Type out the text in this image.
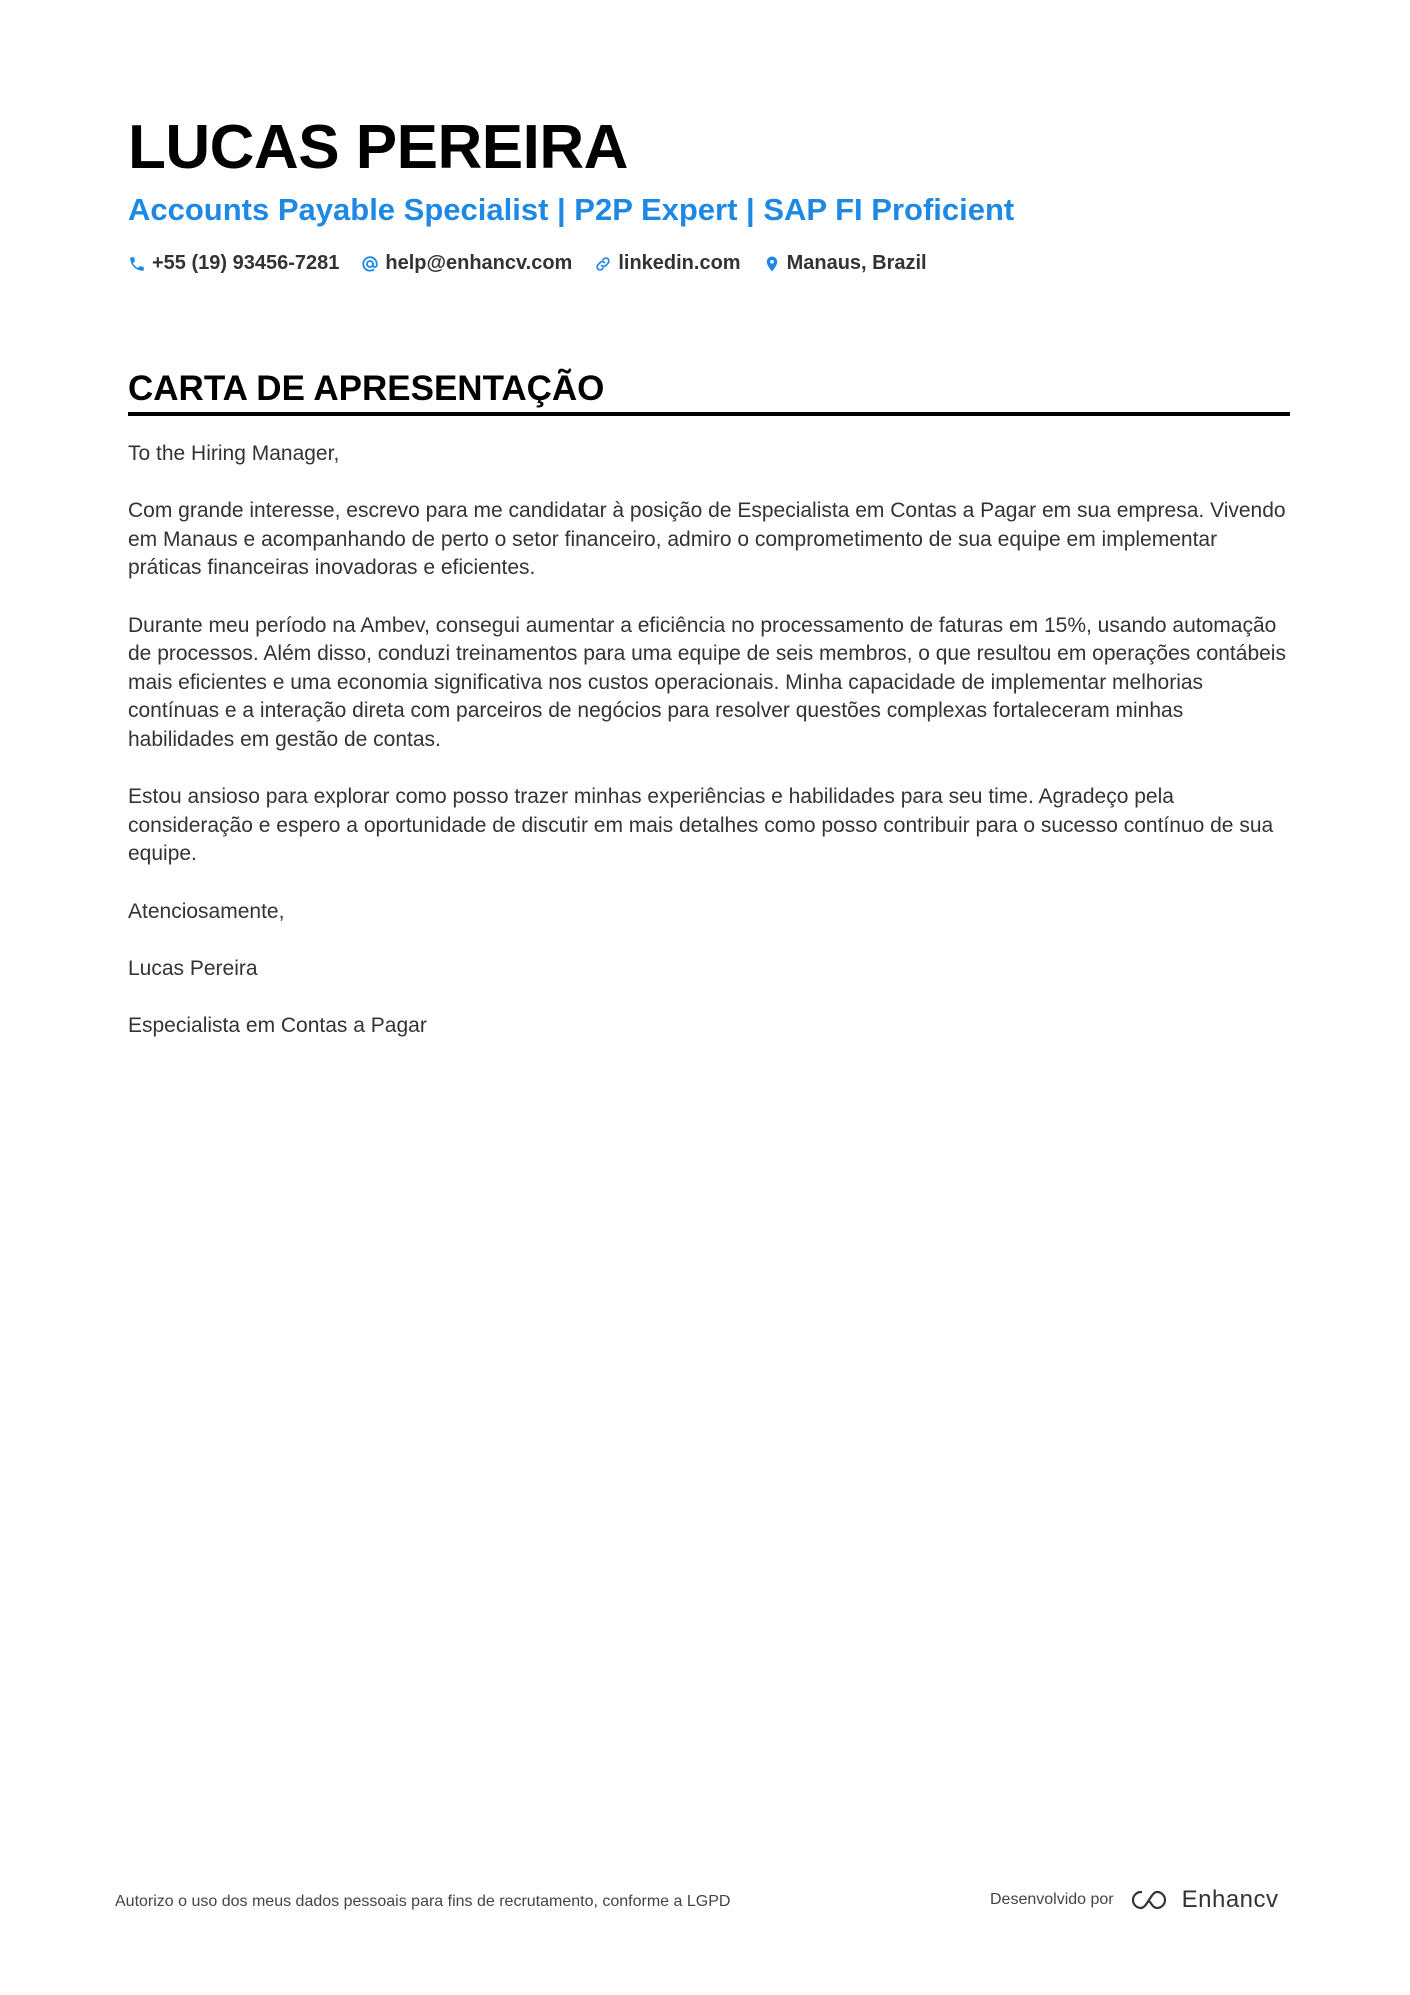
LUCAS PEREIRA
Accounts Payable Specialist | P2P Expert | SAP FI Proficient
+55 (19) 93456-7281 help@enhancv.com linkedin.com Manaus, Brazil
CARTA DE APRESENTAÇÃO

To the Hiring Manager,

Com grande interesse, escrevo para me candidatar à posição de Especialista em Contas a Pagar em sua empresa. Vivendo em Manaus e acompanhando de perto o setor financeiro, admiro o comprometimento de sua equipe em implementar práticas financeiras inovadoras e eficientes.

Durante meu período na Ambev, consegui aumentar a eficiência no processamento de faturas em 15%, usando automação de processos. Além disso, conduzi treinamentos para uma equipe de seis membros, o que resultou em operações contábeis mais eficientes e uma economia significativa nos custos operacionais. Minha capacidade de implementar melhorias contínuas e a interação direta com parceiros de negócios para resolver questões complexas fortaleceram minhas habilidades em gestão de contas.

Estou ansioso para explorar como posso trazer minhas experiências e habilidades para seu time. Agradeço pela consideração e espero a oportunidade de discutir em mais detalhes como posso contribuir para o sucesso contínuo de sua equipe.

Atenciosamente,

Lucas Pereira

Especialista em Contas a Pagar

Autorizo o uso dos meus dados pessoais para fins de recrutamento, conforme a LGPD	Desenvolvido por	Enhancv
